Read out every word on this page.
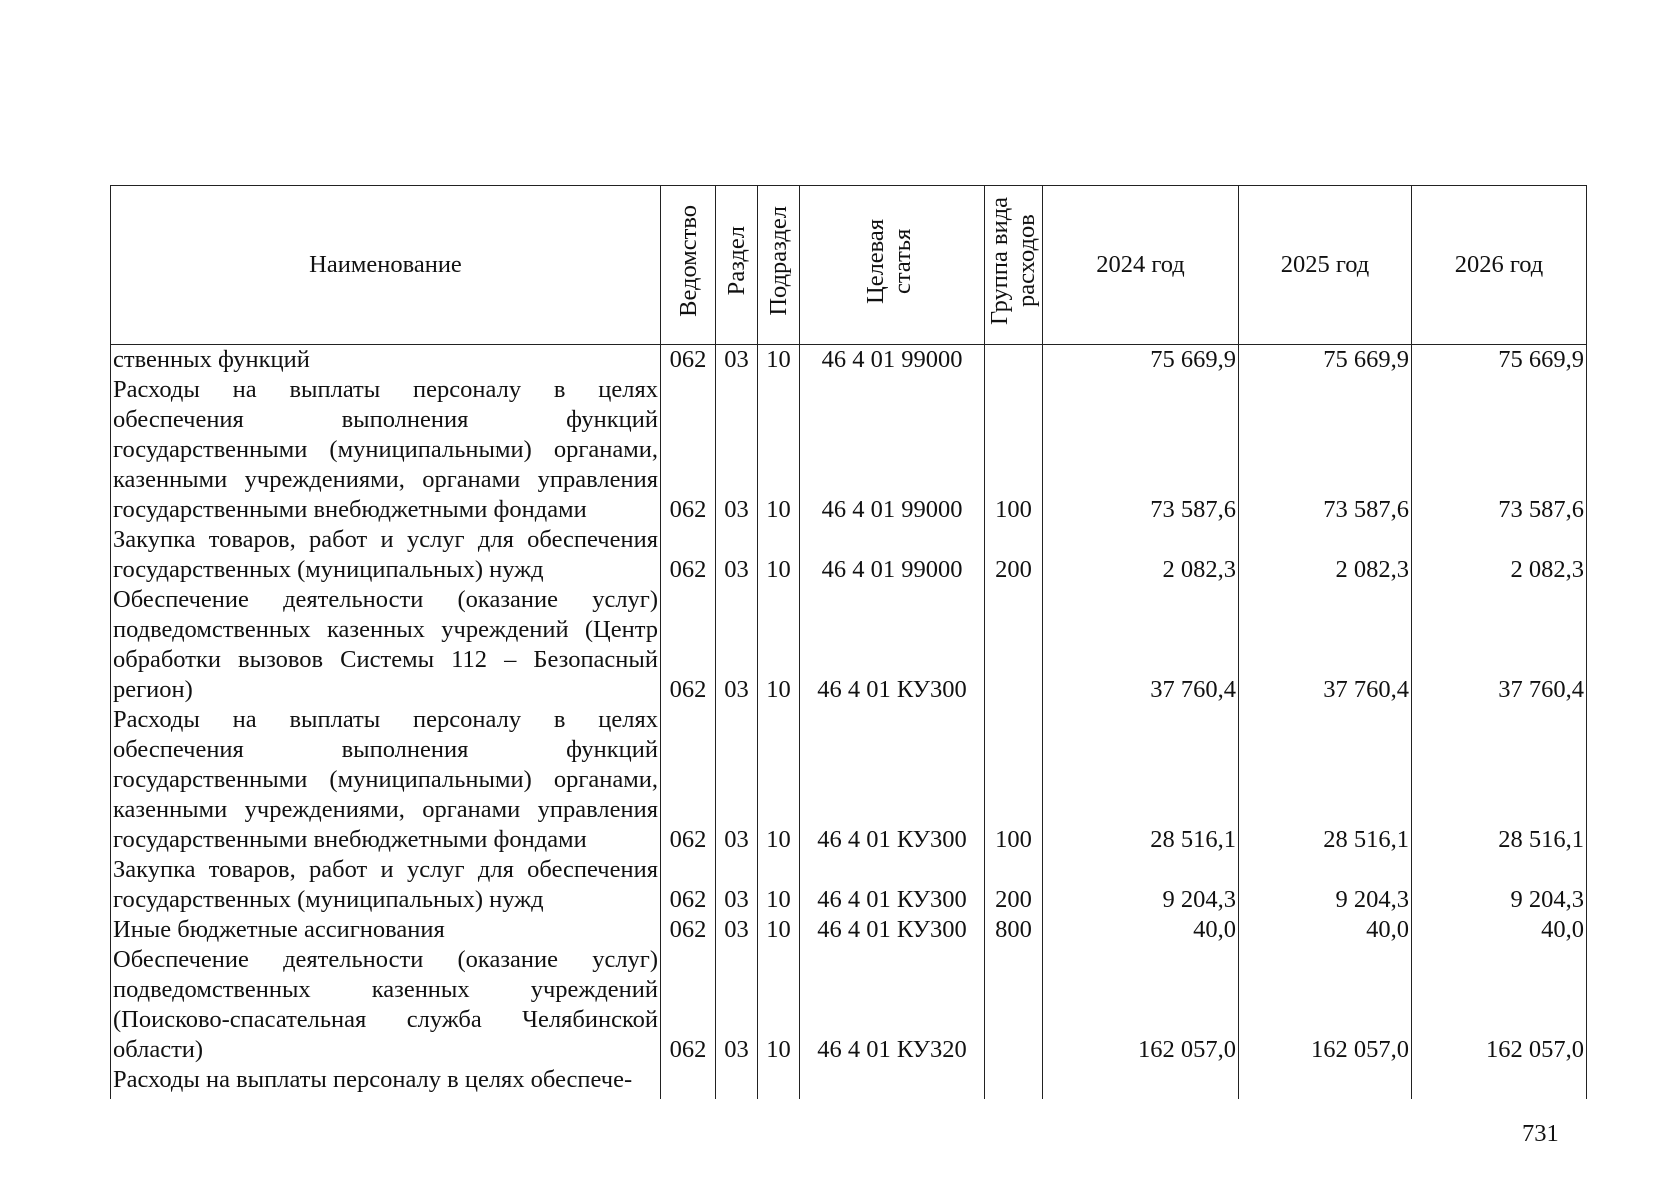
Наименование	Ведомство	Раздел	Подраздел	Целевая статья	Группа вида расходов	2024 год	2025 год	2026 год
ственных функций	062	03	10	46 4 01 99000		75 669,9	75 669,9	75 669,9
Расходы на выплаты персоналу в целях обеспечения выполнения функций государственными (муниципальными) органами, казенными учреждениями, органами управления государственными внебюджетными фондами	062	03	10	46 4 01 99000	100	73 587,6	73 587,6	73 587,6
Закупка товаров, работ и услуг для обеспечения государственных (муниципальных) нужд	062	03	10	46 4 01 99000	200	2 082,3	2 082,3	2 082,3
Обеспечение деятельности (оказание услуг) подведомственных казенных учреждений (Центр обработки вызовов Системы 112 – Безопасный регион)	062	03	10	46 4 01 КУ300		37 760,4	37 760,4	37 760,4
Расходы на выплаты персоналу в целях обеспечения выполнения функций государственными (муниципальными) органами, казенными учреждениями, органами управления государственными внебюджетными фондами	062	03	10	46 4 01 КУ300	100	28 516,1	28 516,1	28 516,1
Закупка товаров, работ и услуг для обеспечения государственных (муниципальных) нужд	062	03	10	46 4 01 КУ300	200	9 204,3	9 204,3	9 204,3
Иные бюджетные ассигнования	062	03	10	46 4 01 КУ300	800	40,0	40,0	40,0
Обеспечение деятельности (оказание услуг) подведомственных казенных учреждений (Поисково-спасательная служба Челябинской области)	062	03	10	46 4 01 КУ320		162 057,0	162 057,0	162 057,0
Расходы на выплаты персоналу в целях обеспече-								
731
